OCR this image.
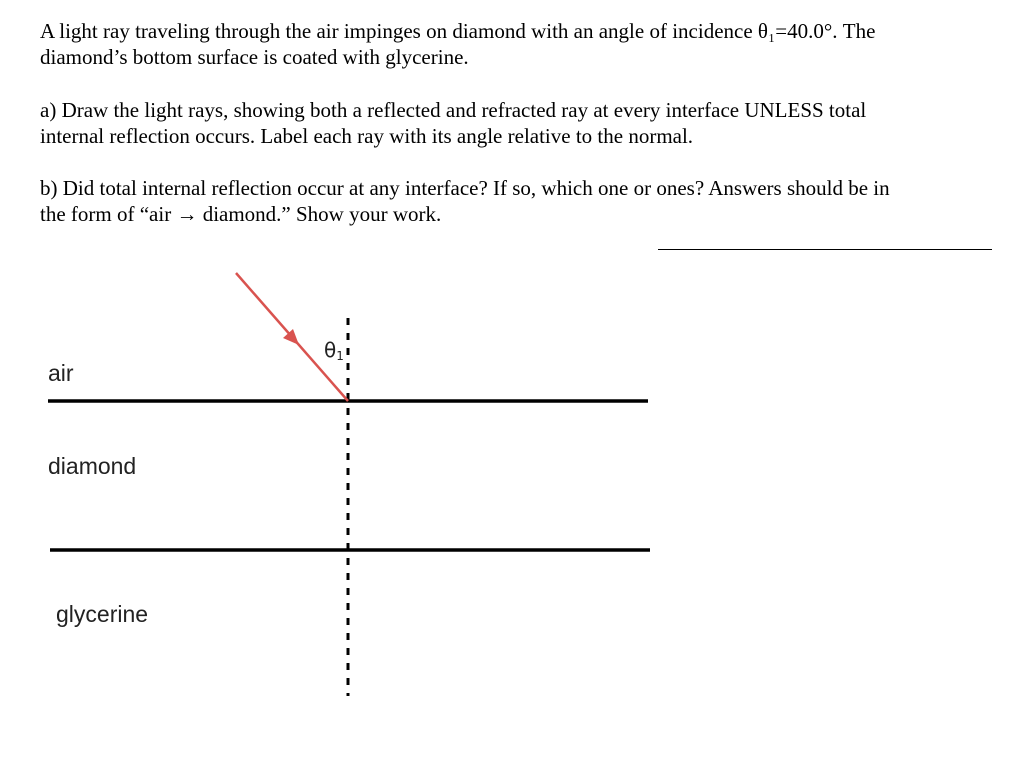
A light ray traveling through the air impinges on diamond with an angle of incidence θ₁=40.0°. The
diamond’s bottom surface is coated with glycerine.
a) Draw the light rays, showing both a reflected and refracted ray at every interface UNLESS total
internal reflection occurs. Label each ray with its angle relative to the normal.
b) Did total internal reflection occur at any interface? If so, which one or ones? Answers should be in
the form of “air → diamond.” Show your work.
air
diamond
glycerine
$\theta_1$
